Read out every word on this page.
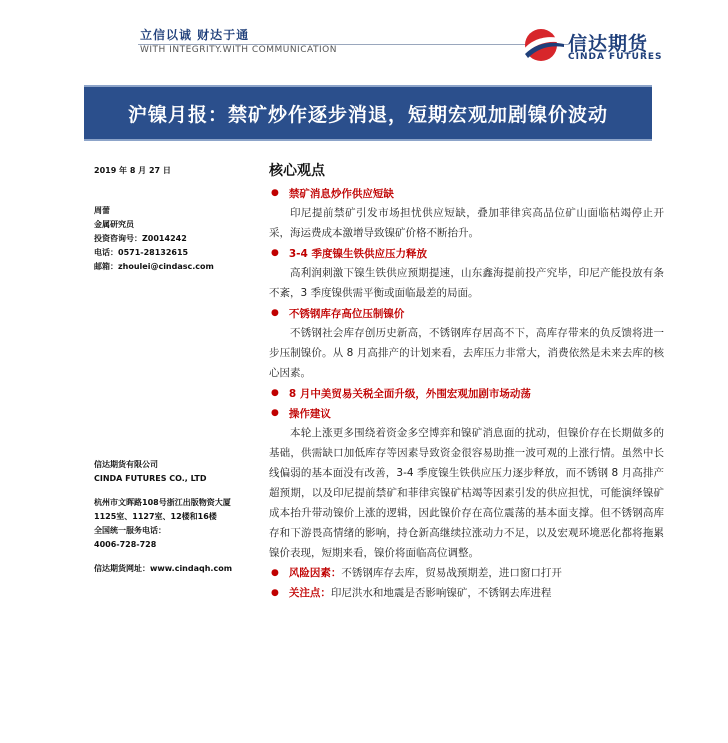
立信以诚 财达于通
WITH INTEGRITY.WITH COMMUNICATION	信达期货
CINDA FUTURES
沪镍月报：禁矿炒作逐步消退，短期宏观加剧镍价波动
2019 年 8 月 27 日
周蕾
金属研究员
投资咨询号：Z0014242
电话：0571-28132615
邮箱：zhoulei@cindasc.com
信达期货有限公司
CINDA FUTURES CO., LTD
杭州市文晖路108号浙江出版物资大厦
1125室、1127室、12楼和16楼
全国统一服务电话：
4006-728-728
信达期货网址：www.cindaqh.com
核心观点
● 禁矿消息炒作供应短缺

印尼提前禁矿引发市场担忧供应短缺，叠加菲律宾高品位矿山面临枯竭停止开采，海运费成本激增导致镍矿价格不断抬升。

● 3-4 季度镍生铁供应压力释放

高利润刺激下镍生铁供应预期提速，山东鑫海提前投产究毕，印尼产能投放有条不紊，3 季度镍供需平衡或面临最差的局面。

● 不锈钢库存高位压制镍价

不锈钢社会库存创历史新高，不锈钢库存居高不下，高库存带来的负反馈将进一步压制镍价。从 8 月高排产的计划来看，去库压力非常大，消费依然是未来去库的核心因素。

● 8 月中美贸易关税全面升级，外围宏观加剧市场动荡
● 操作建议

本轮上涨更多围绕着资金多空博弈和镍矿消息面的扰动，但镍价存在长期做多的基础，供需缺口加低库存等因素导致资金很容易助推一波可观的上涨行情。虽然中长线偏弱的基本面没有改善，3-4 季度镍生铁供应压力逐步释放，而不锈钢 8 月高排产超预期，以及印尼提前禁矿和菲律宾镍矿枯竭等因素引发的供应担忧，可能演绎镍矿成本抬升带动镍价上涨的逻辑，因此镍价存在高位震荡的基本面支撑。但不锈钢高库存和下游畏高情绪的影响，持仓新高继续拉涨动力不足，以及宏观环境恶化都将拖累镍价表现，短期来看，镍价将面临高位调整。

● 风险因素： 不锈钢库存去库，贸易战预期差，进口窗口打开
● 关注点： 印尼洪水和地震是否影响镍矿，不锈钢去库进程
